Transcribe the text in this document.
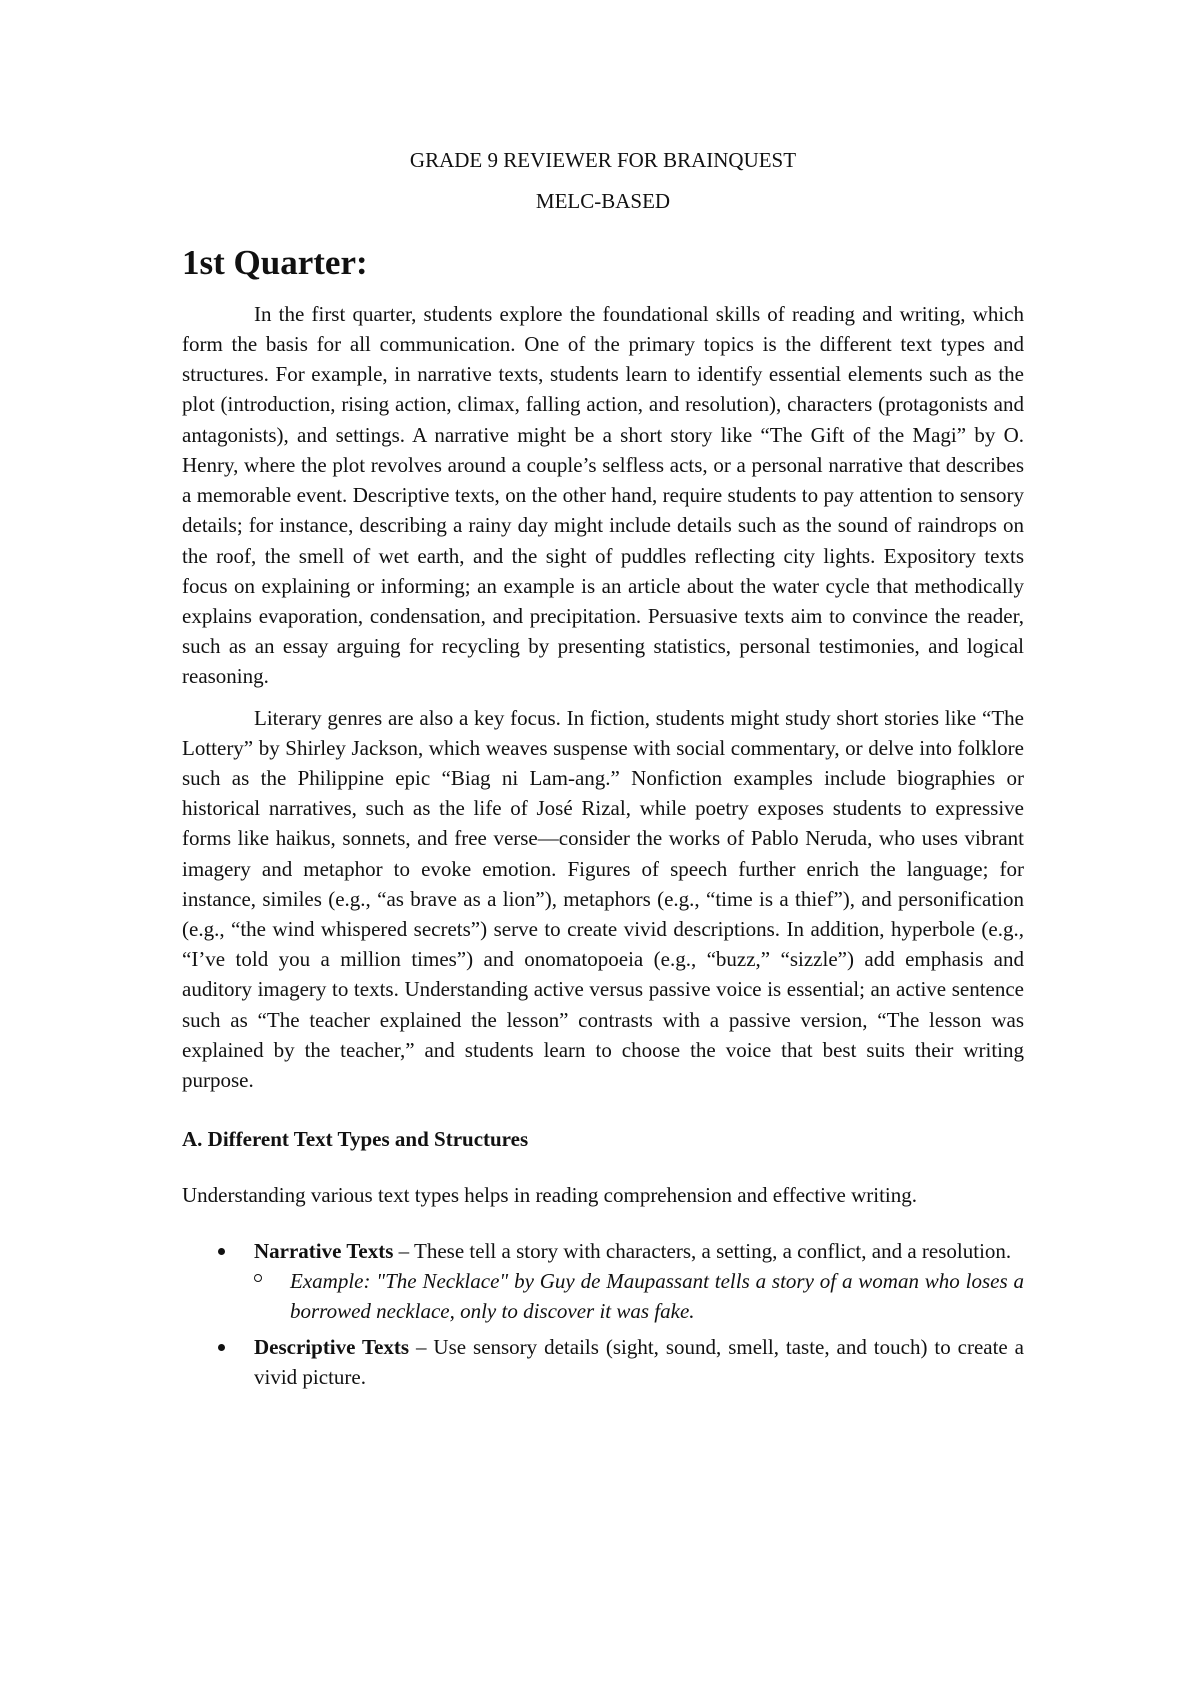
GRADE 9 REVIEWER FOR BRAINQUEST

MELC-BASED

1st Quarter:

In the first quarter, students explore the foundational skills of reading and writing, which form the basis for all communication. One of the primary topics is the different text types and structures. For example, in narrative texts, students learn to identify essential elements such as the plot (introduction, rising action, climax, falling action, and resolution), characters (protagonists and antagonists), and settings. A narrative might be a short story like “The Gift of the Magi” by O. Henry, where the plot revolves around a couple’s selfless acts, or a personal narrative that describes a memorable event. Descriptive texts, on the other hand, require students to pay attention to sensory details; for instance, describing a rainy day might include details such as the sound of raindrops on the roof, the smell of wet earth, and the sight of puddles reflecting city lights. Expository texts focus on explaining or informing; an example is an article about the water cycle that methodically explains evaporation, condensation, and precipitation. Persuasive texts aim to convince the reader, such as an essay arguing for recycling by presenting statistics, personal testimonies, and logical reasoning.

Literary genres are also a key focus. In fiction, students might study short stories like “The Lottery” by Shirley Jackson, which weaves suspense with social commentary, or delve into folklore such as the Philippine epic “Biag ni Lam-ang.” Nonfiction examples include biographies or historical narratives, such as the life of José Rizal, while poetry exposes students to expressive forms like haikus, sonnets, and free verse—consider the works of Pablo Neruda, who uses vibrant imagery and metaphor to evoke emotion. Figures of speech further enrich the language; for instance, similes (e.g., “as brave as a lion”), metaphors (e.g., “time is a thief”), and personification (e.g., “the wind whispered secrets”) serve to create vivid descriptions. In addition, hyperbole (e.g., “I’ve told you a million times”) and onomatopoeia (e.g., “buzz,” “sizzle”) add emphasis and auditory imagery to texts. Understanding active versus passive voice is essential; an active sentence such as “The teacher explained the lesson” contrasts with a passive version, “The lesson was explained by the teacher,” and students learn to choose the voice that best suits their writing purpose.

A. Different Text Types and Structures

Understanding various text types helps in reading comprehension and effective writing.

Narrative Texts – These tell a story with characters, a setting, a conflict, and a resolution.
Example: "The Necklace" by Guy de Maupassant tells a story of a woman who loses a borrowed necklace, only to discover it was fake.
Descriptive Texts – Use sensory details (sight, sound, smell, taste, and touch) to create a vivid picture.
